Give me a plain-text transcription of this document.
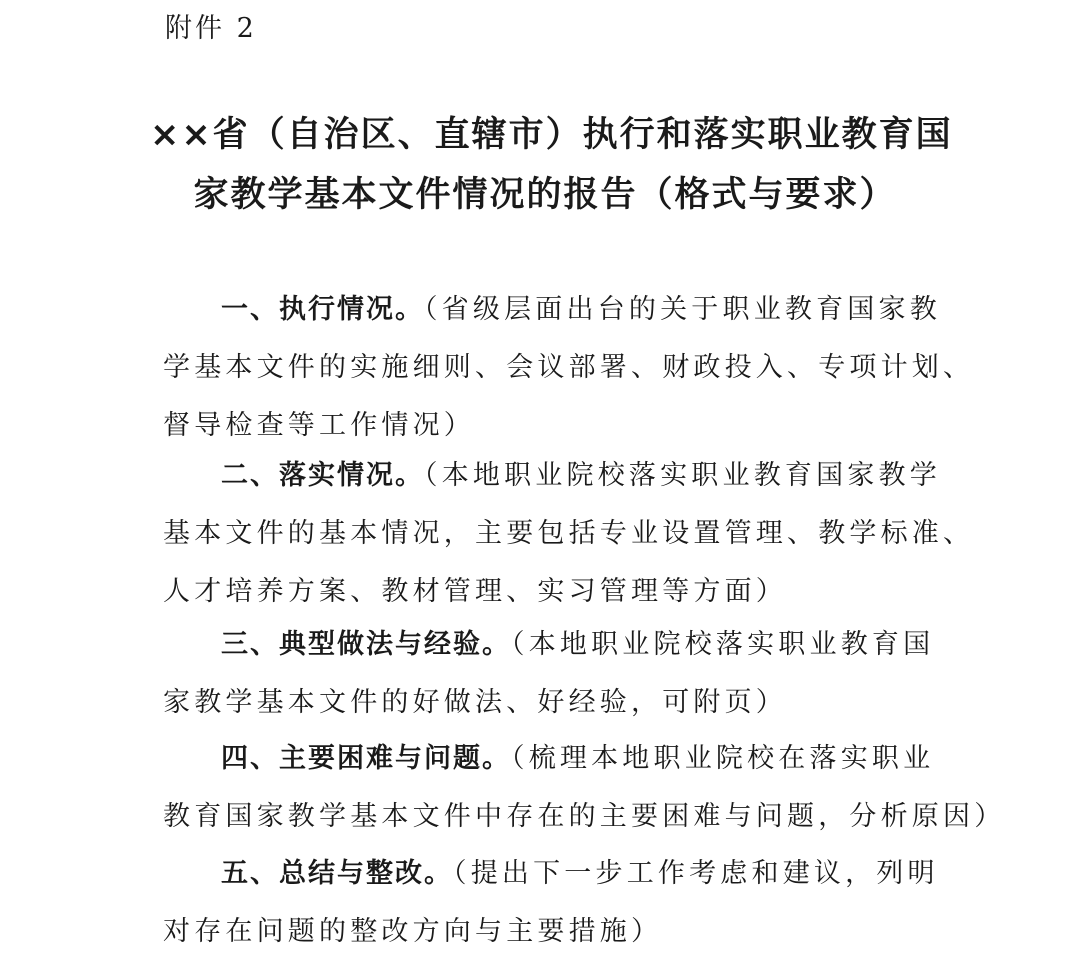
附件 2
××省（自治区、直辖市）执行和落实职业教育国
家教学基本文件情况的报告（格式与要求）
一、执行情况。（省级层面出台的关于职业教育国家教
学基本文件的实施细则、会议部署、财政投入、专项计划、
督导检查等工作情况）
二、落实情况。（本地职业院校落实职业教育国家教学
基本文件的基本情况，主要包括专业设置管理、教学标准、
人才培养方案、教材管理、实习管理等方面）
三、典型做法与经验。（本地职业院校落实职业教育国
家教学基本文件的好做法、好经验，可附页）
四、主要困难与问题。（梳理本地职业院校在落实职业
教育国家教学基本文件中存在的主要困难与问题，分析原因）
五、总结与整改。（提出下一步工作考虑和建议，列明
对存在问题的整改方向与主要措施）
